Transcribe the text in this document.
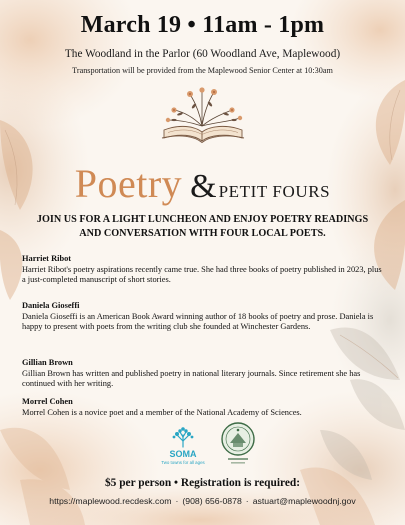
March 19 • 11am - 1pm
The Woodland in the Parlor (60 Woodland Ave, Maplewood)
Transportation will be provided from the Maplewood Senior Center at 10:30am
Poetry & PETIT FOURS
JOIN US FOR A LIGHT LUNCHEON AND ENJOY POETRY READINGS AND CONVERSATION WITH FOUR LOCAL POETS.
Harriet Ribot
Harriet Ribot's poetry aspirations recently came true. She had three books of poetry published in 2023, plus a just-completed manuscript of short stories.
Daniela Gioseffi
Daniela Gioseffi is an American Book Award winning author of 18 books of poetry and prose. Daniela is happy to present with poets from the writing club she founded at Winchester Gardens.
Gillian Brown
Gillian Brown has written and published poetry in national literary journals. Since retirement she has continued with her writing.
Morrel Cohen
Morrel Cohen is a novice poet and a member of the National Academy of Sciences.
SOMA
Two towns for all ages
$5 per person • Registration is required:
https://maplewood.recdesk.com · (908) 656-0878 · astuart@maplewoodnj.gov
